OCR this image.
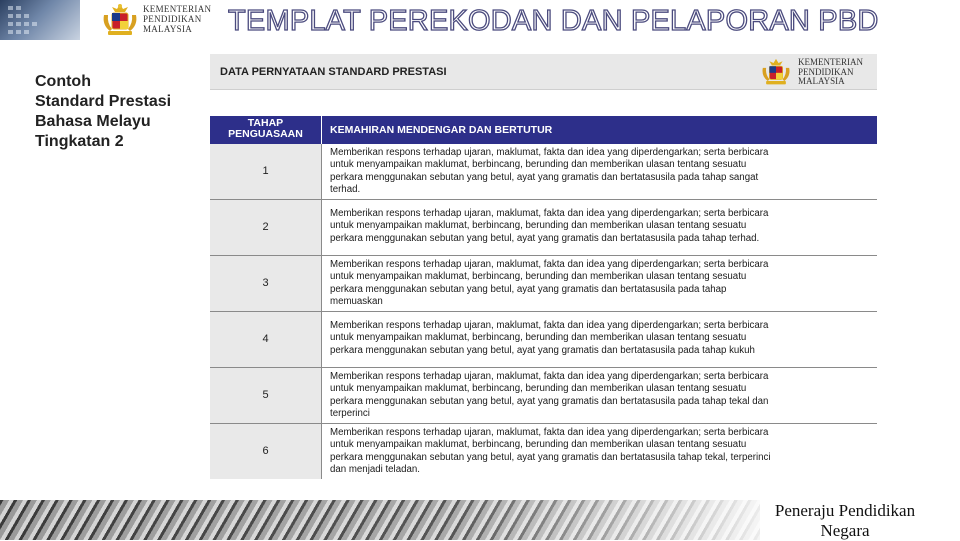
KEMENTERIAN
PENDIDIKAN
MALAYSIA	TEMPLAT PEREKODAN DAN PELAPORAN PBD
Contoh
Standard Prestasi
Bahasa Melayu
Tingkatan 2
DATA PERNYATAAN STANDARD PRESTASI
KEMENTERIAN
PENDIDIKAN
MALAYSIA
TAHAP
PENGUASAAN	KEMAHIRAN MENDENGAR DAN BERTUTUR
1
Memberikan respons terhadap ujaran, maklumat, fakta dan idea yang diperdengarkan; serta berbicara
untuk menyampaikan maklumat, berbincang, berunding dan memberikan ulasan tentang sesuatu
perkara menggunakan sebutan yang betul, ayat yang gramatis dan bertatasusila pada tahap sangat
terhad.
2
Memberikan respons terhadap ujaran, maklumat, fakta dan idea yang diperdengarkan; serta berbicara
untuk menyampaikan maklumat, berbincang, berunding dan memberikan ulasan tentang sesuatu
perkara menggunakan sebutan yang betul, ayat yang gramatis dan bertatasusila pada tahap terhad.
3
Memberikan respons terhadap ujaran, maklumat, fakta dan idea yang diperdengarkan; serta berbicara
untuk menyampaikan maklumat, berbincang, berunding dan memberikan ulasan tentang sesuatu
perkara menggunakan sebutan yang betul, ayat yang gramatis dan bertatasusila pada tahap
memuaskan
4
Memberikan respons terhadap ujaran, maklumat, fakta dan idea yang diperdengarkan; serta berbicara
untuk menyampaikan maklumat, berbincang, berunding dan memberikan ulasan tentang sesuatu
perkara menggunakan sebutan yang betul, ayat yang gramatis dan bertatasusila pada tahap kukuh
5
Memberikan respons terhadap ujaran, maklumat, fakta dan idea yang diperdengarkan; serta berbicara
untuk menyampaikan maklumat, berbincang, berunding dan memberikan ulasan tentang sesuatu
perkara menggunakan sebutan yang betul, ayat yang gramatis dan bertatasusila pada tahap tekal dan
terperinci
6
Memberikan respons terhadap ujaran, maklumat, fakta dan idea yang diperdengarkan; serta berbicara
untuk menyampaikan maklumat, berbincang, berunding dan memberikan ulasan tentang sesuatu
perkara menggunakan sebutan yang betul, ayat yang gramatis dan bertatasusila tahap tekal, terperinci
dan menjadi teladan.
Peneraju Pendidikan
Negara
